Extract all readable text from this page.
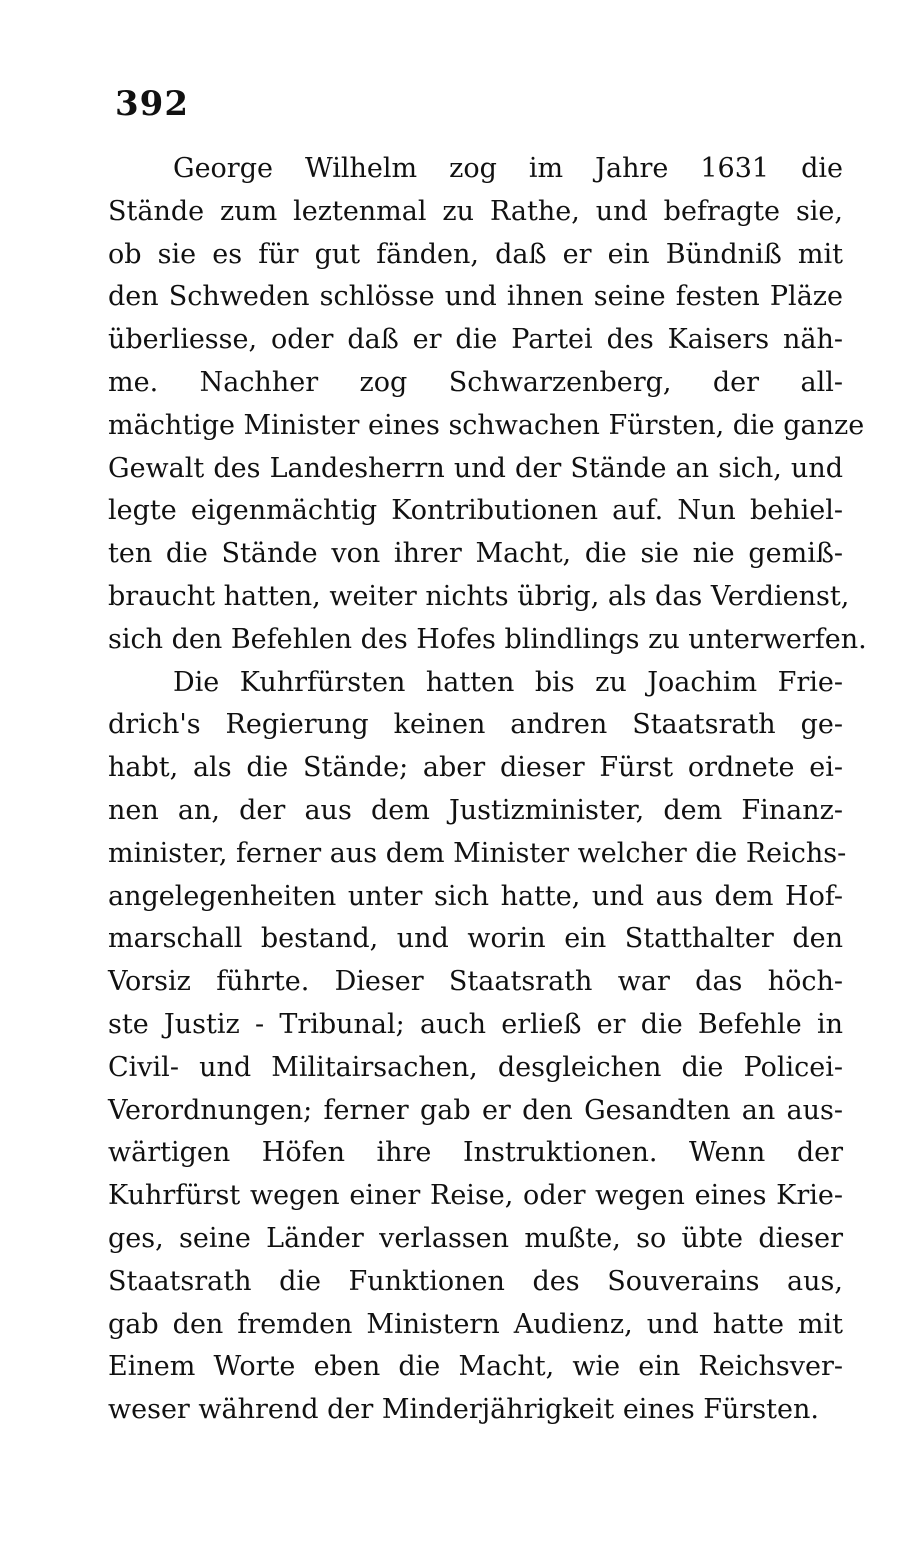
392
George Wilhelm zog im Jahre 1631 die
Stände zum leztenmal zu Rathe, und befragte sie,
ob sie es für gut fänden, daß er ein Bündniß mit
den Schweden schlösse und ihnen seine festen Pläze
überliesse, oder daß er die Partei des Kaisers näh-
me. Nachher zog Schwarzenberg, der all-
mächtige Minister eines schwachen Fürsten, die ganze
Gewalt des Landesherrn und der Stände an sich, und
legte eigenmächtig Kontributionen auf. Nun behiel-
ten die Stände von ihrer Macht, die sie nie gemiß-
braucht hatten, weiter nichts übrig, als das Verdienst,
sich den Befehlen des Hofes blindlings zu unterwerfen.
Die Kuhrfürsten hatten bis zu Joachim Frie-
drich's Regierung keinen andren Staatsrath ge-
habt, als die Stände; aber dieser Fürst ordnete ei-
nen an, der aus dem Justizminister, dem Finanz-
minister, ferner aus dem Minister welcher die Reichs-
angelegenheiten unter sich hatte, und aus dem Hof-
marschall bestand, und worin ein Statthalter den
Vorsiz führte. Dieser Staatsrath war das höch-
ste Justiz - Tribunal; auch erließ er die Befehle in
Civil- und Militairsachen, desgleichen die Policei-
Verordnungen; ferner gab er den Gesandten an aus-
wärtigen Höfen ihre Instruktionen. Wenn der
Kuhrfürst wegen einer Reise, oder wegen eines Krie-
ges, seine Länder verlassen mußte, so übte dieser
Staatsrath die Funktionen des Souverains aus,
gab den fremden Ministern Audienz, und hatte mit
Einem Worte eben die Macht, wie ein Reichsver-
weser während der Minderjährigkeit eines Fürsten.
